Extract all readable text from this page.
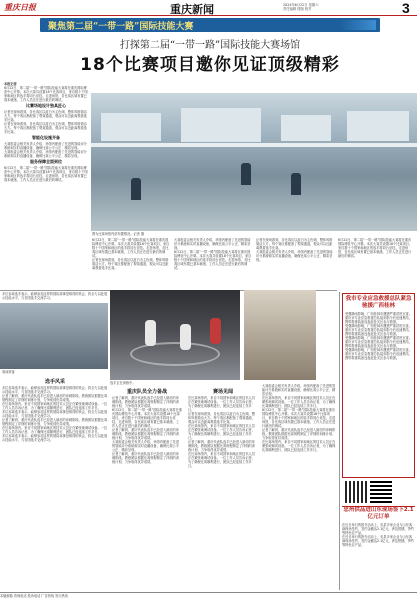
重庆日报	重庆新闻	2024年6月22日 星期六
责任编辑 排版 校对	3
聚焦第二届“一带一路”国际技能大赛
打探第二届“一带一路”国际技能大赛场馆
18个比赛项目邀你见证顶级精彩
本报记者
6月22日，第二届“一带一路”国际技能大赛将在重庆国际博览中心开幕。本次大赛共设置18个比赛项目，来自数十个国家和地区的选手将同台竞技。走进场馆，各比赛区域布置已基本就绪，工作人员正在进行最后的调试。
比赛场地设计独具匠心
记者在现场看到，各比赛区以蓝白为主色调，整体风格简洁大方。每个赛区都配备了观赛通道，观众可以近距离观看选手比赛。
记者在现场看到，各比赛区以蓝白为主色调，整体风格简洁大方。每个赛区都配备了观赛通道，观众可以近距离观看选手比赛。
智能化设施齐备
大赛组委会相关负责人介绍，场馆内配备了先进的智能评分系统和实时直播设备，确保比赛公平公正、精彩呈现。
大赛组委会相关负责人介绍，场馆内配备了先进的智能评分系统和实时直播设备，确保比赛公平公正、精彩呈现。
服务保障全面到位
6月22日，第二届“一带一路”国际技能大赛将在重庆国际博览中心开幕。本次大赛共设置18个比赛项目，来自数十个国家和地区的选手将同台竞技。走进场馆，各比赛区域布置已基本就绪，工作人员正在进行最后的调试。
图为比赛场馆内部布置情况。记者 摄
6月22日，第二届“一带一路”国际技能大赛将在重庆国际博览中心开幕。本次大赛共设置18个比赛项目，来自数十个国家和地区的选手将同台竞技。走进场馆，各比赛区域布置已基本就绪，工作人员正在进行最后的调试。
记者在现场看到，各比赛区以蓝白为主色调，整体风格简洁大方。每个赛区都配备了观赛通道，观众可以近距离观看选手比赛。
大赛组委会相关负责人介绍，场馆内配备了先进的智能评分系统和实时直播设备，确保比赛公平公正、精彩呈现。
6月22日，第二届“一带一路”国际技能大赛将在重庆国际博览中心开幕。本次大赛共设置18个比赛项目，来自数十个国家和地区的选手将同台竞技。走进场馆，各比赛区域布置已基本就绪，工作人员正在进行最后的调试。
记者在现场看到，各比赛区以蓝白为主色调，整体风格简洁大方。每个赛区都配备了观赛通道，观众可以近距离观看选手比赛。
大赛组委会相关负责人介绍，场馆内配备了先进的智能评分系统和实时直播设备，确保比赛公平公正、精彩呈现。
6月22日，第二届“一带一路”国际技能大赛将在重庆国际博览中心开幕。本次大赛共设置18个比赛项目，来自数十个国家和地区的选手将同台竞技。走进场馆，各比赛区域布置已基本就绪，工作人员正在进行最后的调试。
多位参赛选手表示，能够参加这样的国际赛事是难得的机会，将全力以赴展示技能水平，与各国选手交流学习。
赛前准备
选手风采
多位参赛选手表示，能够参加这样的国际赛事是难得的机会，将全力以赴展示技能水平，与各国选手交流学习。
记者了解到，重庆代表队选手已经进入最后的冲刺阶段。教练团队根据比赛规程制定了详细的训练计划，力争取得优异成绩。
在比赛场馆内，来自不同国家和地区的技术人员正在紧张地调试设备。一位工作人员告诉记者，为了确保比赛顺利进行，团队已经连续工作多日。
多位参赛选手表示，能够参加这样的国际赛事是难得的机会，将全力以赴展示技能水平，与各国选手交流学习。
记者了解到，重庆代表队选手已经进入最后的冲刺阶段。教练团队根据比赛规程制定了详细的训练计划，力争取得优异成绩。
在比赛场馆内，来自不同国家和地区的技术人员正在紧张地调试设备。一位工作人员告诉记者，为了确保比赛顺利进行，团队已经连续工作多日。
多位参赛选手表示，能够参加这样的国际赛事是难得的机会，将全力以赴展示技能水平，与各国选手交流学习。
选手正在训练中。
重庆队员全力备战
记者了解到，重庆代表队选手已经进入最后的冲刺阶段。教练团队根据比赛规程制定了详细的训练计划，力争取得优异成绩。
6月22日，第二届“一带一路”国际技能大赛将在重庆国际博览中心开幕。本次大赛共设置18个比赛项目，来自数十个国家和地区的选手将同台竞技。走进场馆，各比赛区域布置已基本就绪，工作人员正在进行最后的调试。
记者了解到，重庆代表队选手已经进入最后的冲刺阶段。教练团队根据比赛规程制定了详细的训练计划，力争取得优异成绩。
大赛组委会相关负责人介绍，场馆内配备了先进的智能评分系统和实时直播设备，确保比赛公平公正、精彩呈现。
记者了解到，重庆代表队选手已经进入最后的冲刺阶段。教练团队根据比赛规程制定了详细的训练计划，力争取得优异成绩。
赛场见闻
在比赛场馆内，来自不同国家和地区的技术人员正在紧张地调试设备。一位工作人员告诉记者，为了确保比赛顺利进行，团队已经连续工作多日。
记者在现场看到，各比赛区以蓝白为主色调，整体风格简洁大方。每个赛区都配备了观赛通道，观众可以近距离观看选手比赛。
在比赛场馆内，来自不同国家和地区的技术人员正在紧张地调试设备。一位工作人员告诉记者，为了确保比赛顺利进行，团队已经连续工作多日。
记者了解到，重庆代表队选手已经进入最后的冲刺阶段。教练团队根据比赛规程制定了详细的训练计划，力争取得优异成绩。
在比赛场馆内，来自不同国家和地区的技术人员正在紧张地调试设备。一位工作人员告诉记者，为了确保比赛顺利进行，团队已经连续工作多日。
大赛组委会相关负责人介绍，场馆内配备了先进的智能评分系统和实时直播设备，确保比赛公平公正、精彩呈现。
在比赛场馆内，来自不同国家和地区的技术人员正在紧张地调试设备。一位工作人员告诉记者，为了确保比赛顺利进行，团队已经连续工作多日。
6月22日，第二届“一带一路”国际技能大赛将在重庆国际博览中心开幕。本次大赛共设置18个比赛项目，来自数十个国家和地区的选手将同台竞技。走进场馆，各比赛区域布置已基本就绪，工作人员正在进行最后的调试。
记者了解到，重庆代表队选手已经进入最后的冲刺阶段。教练团队根据比赛规程制定了详细的训练计划，力争取得优异成绩。
在比赛场馆内，来自不同国家和地区的技术人员正在紧张地调试设备。一位工作人员告诉记者，为了确保比赛顺利进行，团队已经连续工作多日。
我市专业应急救援总队紧急驰援广西桂林
受强降雨影响，广西桂林市遭遇严重洪涝灾害。重庆市专业应急救援总队接到指令后迅速集结，携带救援装备连夜赶赴灾区参与救援。
受强降雨影响，广西桂林市遭遇严重洪涝灾害。重庆市专业应急救援总队接到指令后迅速集结，携带救援装备连夜赶赴灾区参与救援。
受强降雨影响，广西桂林市遭遇严重洪涝灾害。重庆市专业应急救援总队接到指令后迅速集结，携带救援装备连夜赶赴灾区参与救援。
受强降雨影响，广西桂林市遭遇严重洪涝灾害。重庆市专业应急救援总队接到指令后迅速集结，携带救援装备连夜赶赴灾区参与救援。
忠州供品进山东现场签下2.1亿元订单
在近日举行的推介活动上，忠县多家企业与山东客商现场签约，签约金额达2.1亿元，涉及柑橘、笋竹等特色农产品。
在近日举行的推介活动上，忠县多家企业与山东客商现场签约，签约金额达2.1亿元，涉及柑橘、笋竹等特色农产品。
本版邮箱 咨询电话 投诉电话 广告热线 发行热线
